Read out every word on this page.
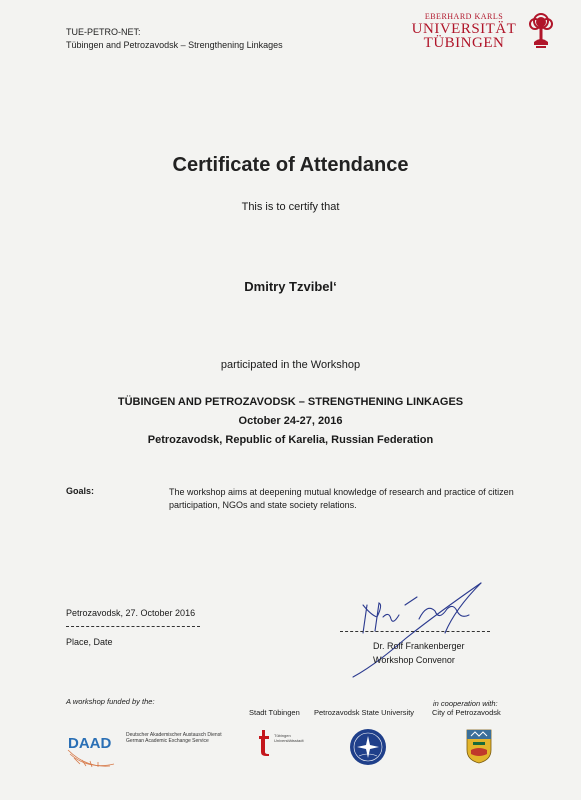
TUE-PETRO-NET:
Tübingen and Petrozavodsk – Strengthening Linkages
EBERHARD KARLS
UNIVERSITÄT
TÜBINGEN
Certificate of Attendance
This is to certify that
Dmitry Tzvibel‘
participated in the Workshop
TÜBINGEN AND PETROZAVODSK – STRENGTHENING LINKAGES
October 24-27, 2016
Petrozavodsk, Republic of Karelia, Russian Federation
Goals:	The workshop aims at deepening mutual knowledge of research and practice of citizen participation, NGOs and state society relations.
Petrozavodsk, 27. October 2016
Place, Date	Dr. Rolf Frankenberger
Workshop Convenor
A workshop funded by the:	in cooperation with:
Stadt Tübingen Petrozavodsk State University City of Petrozavodsk
DAAD	Deutscher Akademischer Austausch Dienst
German Academic Exchange Service
Tübingen
Universitätsstadt
